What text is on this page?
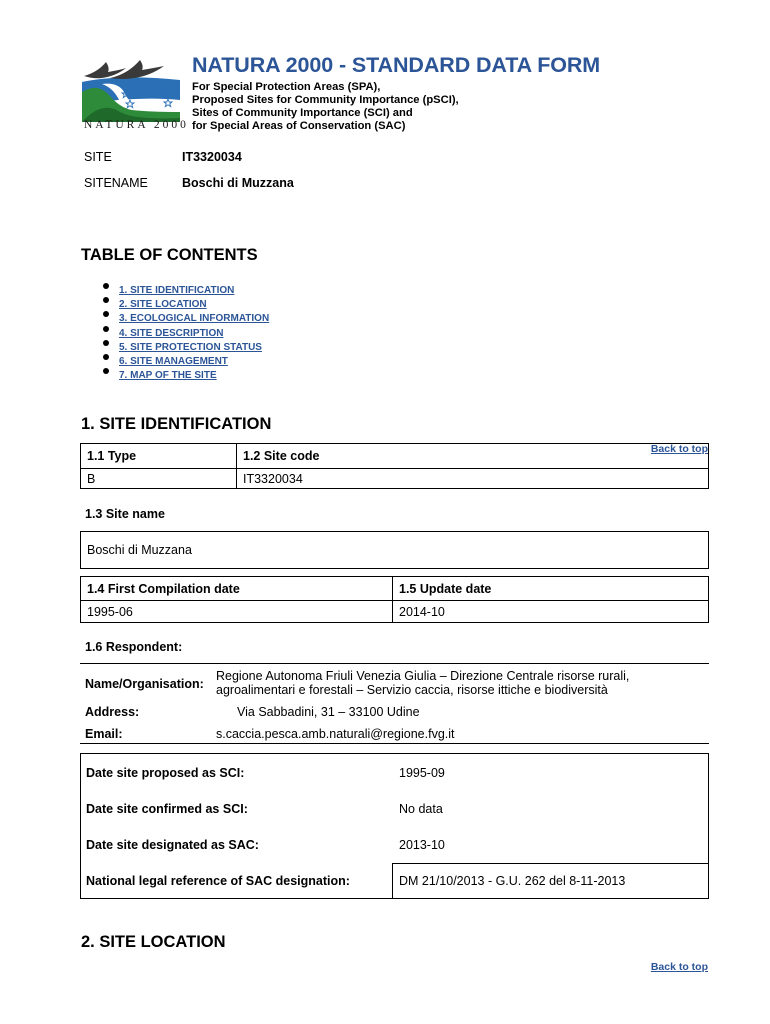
NATURA 2000
NATURA 2000 - STANDARD DATA FORM
For Special Protection Areas (SPA),
Proposed Sites for Community Importance (pSCI),
Sites of Community Importance (SCI) and
for Special Areas of Conservation (SAC)
SITE	IT3320034
SITENAME	Boschi di Muzzana
TABLE OF CONTENTS
1. SITE IDENTIFICATION
2. SITE LOCATION
3. ECOLOGICAL INFORMATION
4. SITE DESCRIPTION
5. SITE PROTECTION STATUS
6. SITE MANAGEMENT
7. MAP OF THE SITE
1. SITE IDENTIFICATION
Back to top
1.1 Type	1.2 Site code
B	IT3320034
1.3 Site name
Boschi di Muzzana
1.4 First Compilation date	1.5 Update date
1995-06	2014-10
1.6 Respondent:
Name/Organisation:
Regione Autonoma Friuli Venezia Giulia – Direzione Centrale risorse rurali,
agroalimentari e forestali – Servizio caccia, risorse ittiche e biodiversità
Address:	Via Sabbadini, 31 – 33100 Udine
Email:	s.caccia.pesca.amb.naturali@regione.fvg.it
Date site proposed as SCI:	1995-09
Date site confirmed as SCI:	No data
Date site designated as SAC:	2013-10
National legal reference of SAC designation:	DM 21/10/2013 - G.U. 262 del 8-11-2013
2. SITE LOCATION
Back to top
